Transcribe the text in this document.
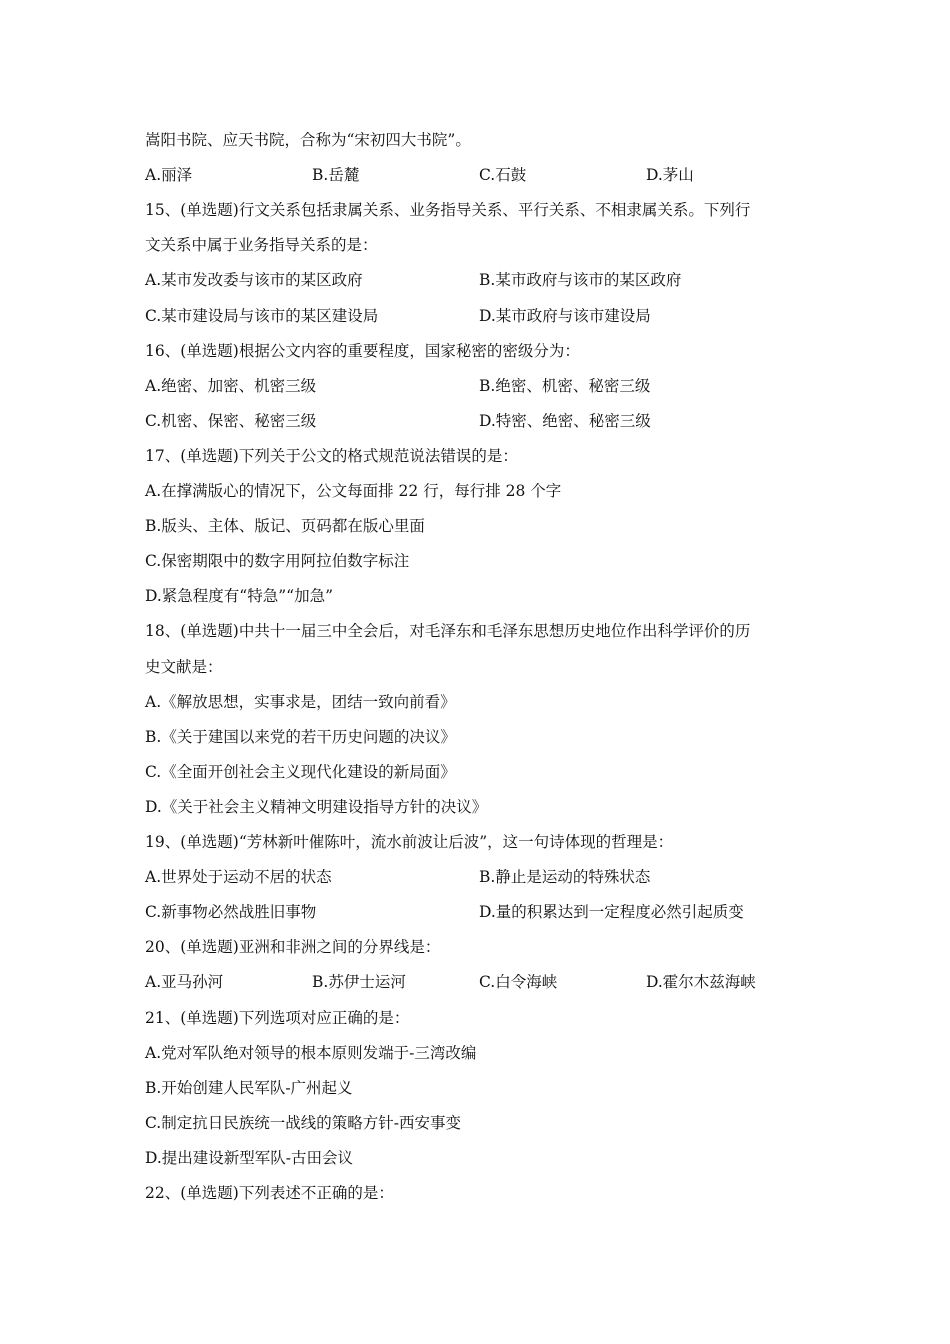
嵩阳书院、应天书院，合称为“宋初四大书院”。
A.丽泽	B.岳麓	C.石鼓	D.茅山
15、(单选题)行文关系包括隶属关系、业务指导关系、平行关系、不相隶属关系。下列行
文关系中属于业务指导关系的是：
A.某市发改委与该市的某区政府	B.某市政府与该市的某区政府
C.某市建设局与该市的某区建设局	D.某市政府与该市建设局
16、(单选题)根据公文内容的重要程度，国家秘密的密级分为：
A.绝密、加密、机密三级	B.绝密、机密、秘密三级
C.机密、保密、秘密三级	D.特密、绝密、秘密三级
17、(单选题)下列关于公文的格式规范说法错误的是：
A.在撑满版心的情况下，公文每面排 22 行，每行排 28 个字
B.版头、主体、版记、页码都在版心里面
C.保密期限中的数字用阿拉伯数字标注
D.紧急程度有“特急”“加急”
18、(单选题)中共十一届三中全会后，对毛泽东和毛泽东思想历史地位作出科学评价的历
史文献是：
A.《解放思想，实事求是，团结一致向前看》
B.《关于建国以来党的若干历史问题的决议》
C.《全面开创社会主义现代化建设的新局面》
D.《关于社会主义精神文明建设指导方针的决议》
19、(单选题)“芳林新叶催陈叶，流水前波让后波”，这一句诗体现的哲理是：
A.世界处于运动不居的状态	B.静止是运动的特殊状态
C.新事物必然战胜旧事物	D.量的积累达到一定程度必然引起质变
20、(单选题)亚洲和非洲之间的分界线是：
A.亚马孙河	B.苏伊士运河	C.白令海峡	D.霍尔木兹海峡
21、(单选题)下列选项对应正确的是：
A.党对军队绝对领导的根本原则发端于-三湾改编
B.开始创建人民军队-广州起义
C.制定抗日民族统一战线的策略方针-西安事变
D.提出建设新型军队-古田会议
22、(单选题)下列表述不正确的是：
